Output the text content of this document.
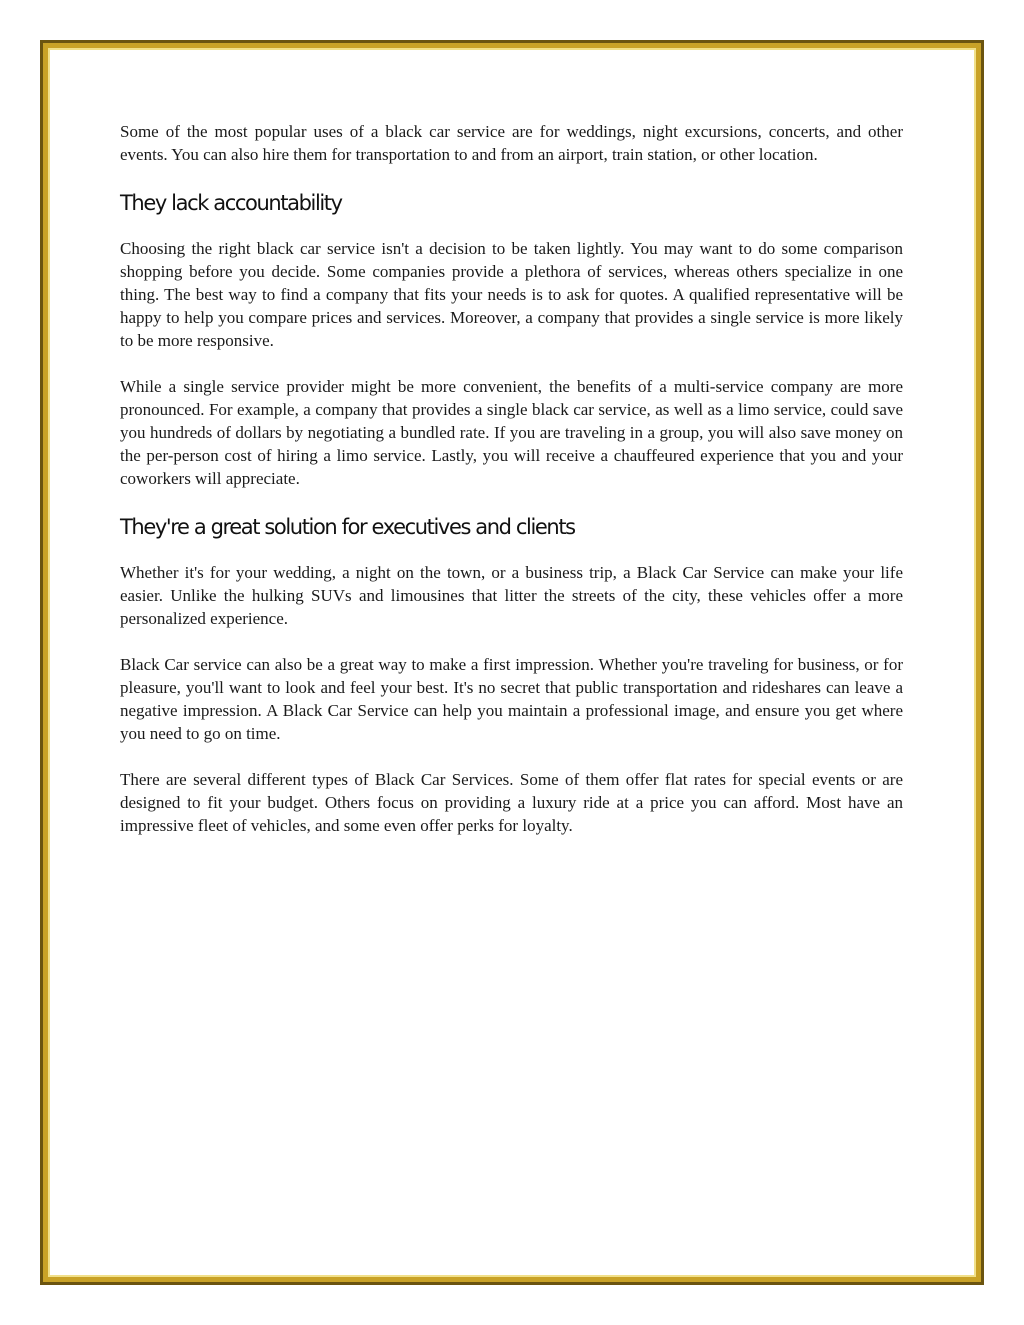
Some of the most popular uses of a black car service are for weddings, night excursions, concerts, and other events. You can also hire them for transportation to and from an airport, train station, or other location.

They lack accountability

Choosing the right black car service isn't a decision to be taken lightly. You may want to do some comparison shopping before you decide. Some companies provide a plethora of services, whereas others specialize in one thing. The best way to find a company that fits your needs is to ask for quotes. A qualified representative will be happy to help you compare prices and services. Moreover, a company that provides a single service is more likely to be more responsive.

While a single service provider might be more convenient, the benefits of a multi-service company are more pronounced. For example, a company that provides a single black car service, as well as a limo service, could save you hundreds of dollars by negotiating a bundled rate. If you are traveling in a group, you will also save money on the per-person cost of hiring a limo service. Lastly, you will receive a chauffeured experience that you and your coworkers will appreciate.

They're a great solution for executives and clients

Whether it's for your wedding, a night on the town, or a business trip, a Black Car Service can make your life easier. Unlike the hulking SUVs and limousines that litter the streets of the city, these vehicles offer a more personalized experience.

Black Car service can also be a great way to make a first impression. Whether you're traveling for business, or for pleasure, you'll want to look and feel your best. It's no secret that public transportation and rideshares can leave a negative impression. A Black Car Service can help you maintain a professional image, and ensure you get where you need to go on time.

There are several different types of Black Car Services. Some of them offer flat rates for special events or are designed to fit your budget. Others focus on providing a luxury ride at a price you can afford. Most have an impressive fleet of vehicles, and some even offer perks for loyalty.
